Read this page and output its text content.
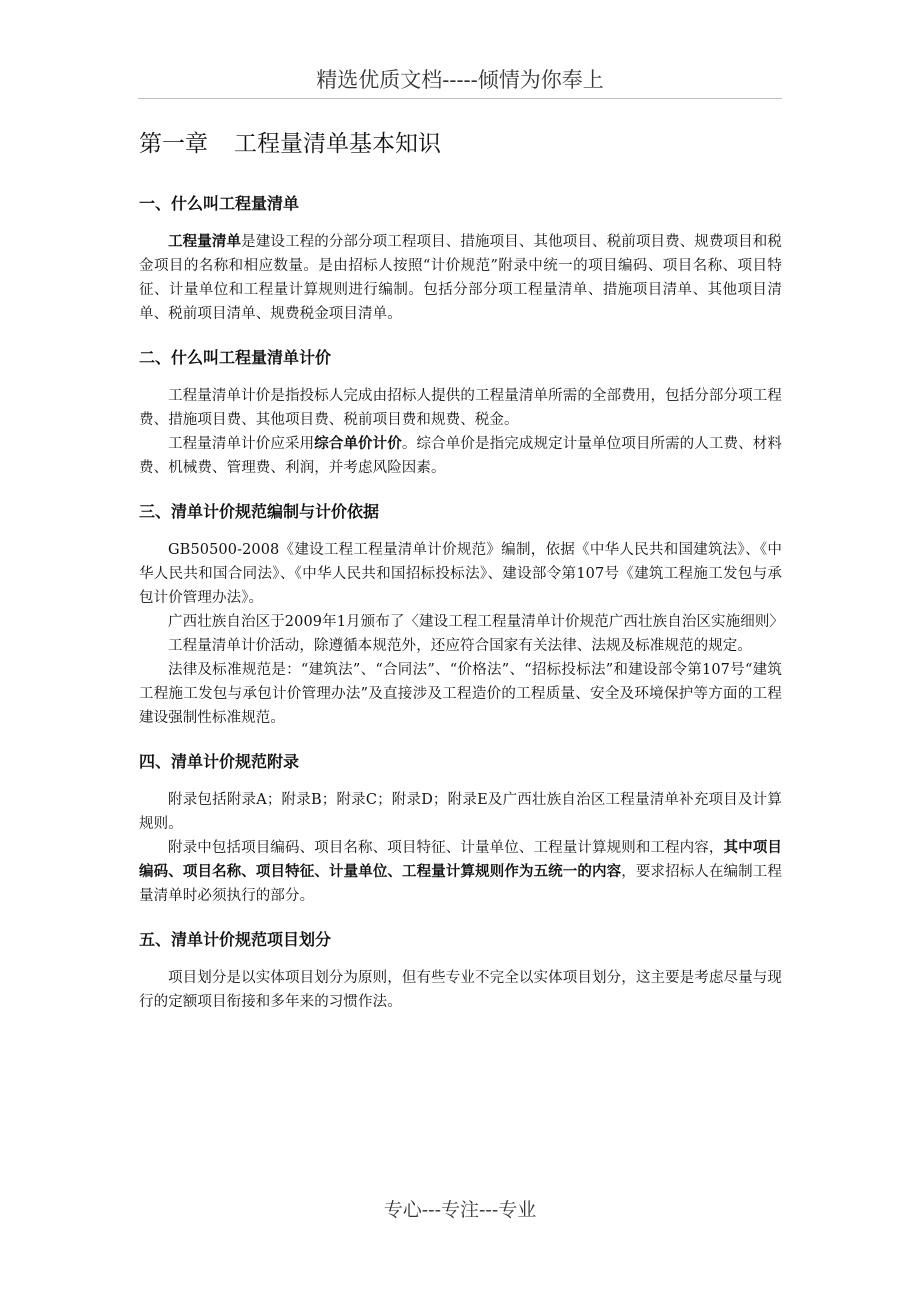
精选优质文档-----倾情为你奉上
第一章 工程量清单基本知识
一、什么叫工程量清单

工程量清单是建设工程的分部分项工程项目、措施项目、其他项目、税前项目费、规费项目和税金项目的名称和相应数量。是由招标人按照“计价规范”附录中统一的项目编码、项目名称、项目特征、计量单位和工程量计算规则进行编制。包括分部分项工程量清单、措施项目清单、其他项目清单、税前项目清单、规费税金项目清单。

二、什么叫工程量清单计价

工程量清单计价是指投标人完成由招标人提供的工程量清单所需的全部费用，包括分部分项工程费、措施项目费、其他项目费、税前项目费和规费、税金。

工程量清单计价应采用综合单价计价。综合单价是指完成规定计量单位项目所需的人工费、材料费、机械费、管理费、利润，并考虑风险因素。

三、清单计价规范编制与计价依据

GB50500-2008《建设工程工程量清单计价规范》编制，依据《中华人民共和国建筑法》、《中华人民共和国合同法》、《中华人民共和国招标投标法》、建设部令第107号《建筑工程施工发包与承包计价管理办法》。

广西壮族自治区于2009年1月颁布了〈建设工程工程量清单计价规范广西壮族自治区实施细则〉

工程量清单计价活动，除遵循本规范外，还应符合国家有关法律、法规及标准规范的规定。

法律及标准规范是：“建筑法”、“合同法”、“价格法”、“招标投标法”和建设部令第107号“建筑工程施工发包与承包计价管理办法”及直接涉及工程造价的工程质量、安全及环境保护等方面的工程建设强制性标准规范。

四、清单计价规范附录

附录包括附录A；附录B；附录C；附录D；附录E及广西壮族自治区工程量清单补充项目及计算规则。

附录中包括项目编码、项目名称、项目特征、计量单位、工程量计算规则和工程内容，其中项目编码、项目名称、项目特征、计量单位、工程量计算规则作为五统一的内容，要求招标人在编制工程量清单时必须执行的部分。

五、清单计价规范项目划分

项目划分是以实体项目划分为原则，但有些专业不完全以实体项目划分，这主要是考虑尽量与现行的定额项目衔接和多年来的习惯作法。

专心---专注---专业
